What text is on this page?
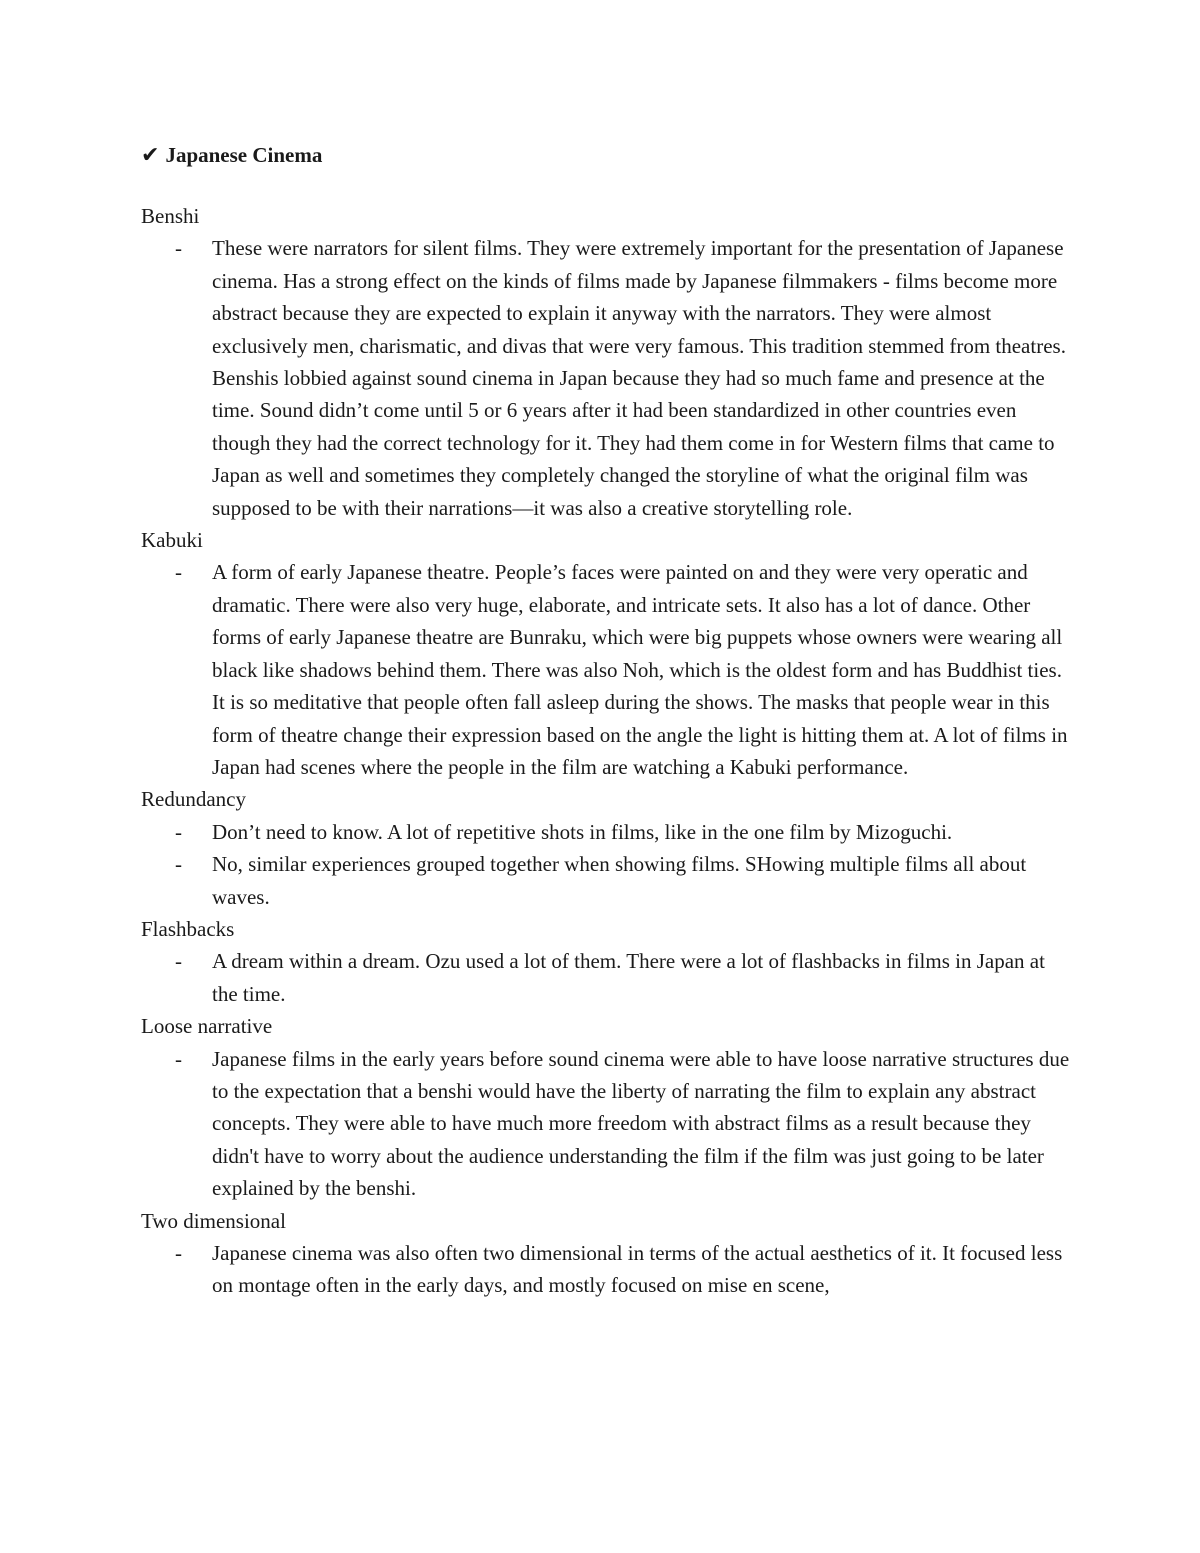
✔ Japanese Cinema
Benshi
- These were narrators for silent films. They were extremely important for the presentation of Japanese cinema. Has a strong effect on the kinds of films made by Japanese filmmakers - films become more abstract because they are expected to explain it anyway with the narrators. They were almost exclusively men, charismatic, and divas that were very famous. This tradition stemmed from theatres. Benshis lobbied against sound cinema in Japan because they had so much fame and presence at the time. Sound didn’t come until 5 or 6 years after it had been standardized in other countries even though they had the correct technology for it. They had them come in for Western films that came to Japan as well and sometimes they completely changed the storyline of what the original film was supposed to be with their narrations—it was also a creative storytelling role.
Kabuki
- A form of early Japanese theatre. People’s faces were painted on and they were very operatic and dramatic. There were also very huge, elaborate, and intricate sets. It also has a lot of dance. Other forms of early Japanese theatre are Bunraku, which were big puppets whose owners were wearing all black like shadows behind them. There was also Noh, which is the oldest form and has Buddhist ties. It is so meditative that people often fall asleep during the shows. The masks that people wear in this form of theatre change their expression based on the angle the light is hitting them at. A lot of films in Japan had scenes where the people in the film are watching a Kabuki performance.
Redundancy
- Don’t need to know. A lot of repetitive shots in films, like in the one film by Mizoguchi.
- No, similar experiences grouped together when showing films. SHowing multiple films all about waves.
Flashbacks
- A dream within a dream. Ozu used a lot of them. There were a lot of flashbacks in films in Japan at the time.
Loose narrative
- Japanese films in the early years before sound cinema were able to have loose narrative structures due to the expectation that a benshi would have the liberty of narrating the film to explain any abstract concepts. They were able to have much more freedom with abstract films as a result because they didn't have to worry about the audience understanding the film if the film was just going to be later explained by the benshi.
Two dimensional
- Japanese cinema was also often two dimensional in terms of the actual aesthetics of it. It focused less on montage often in the early days, and mostly focused on mise en scene,
